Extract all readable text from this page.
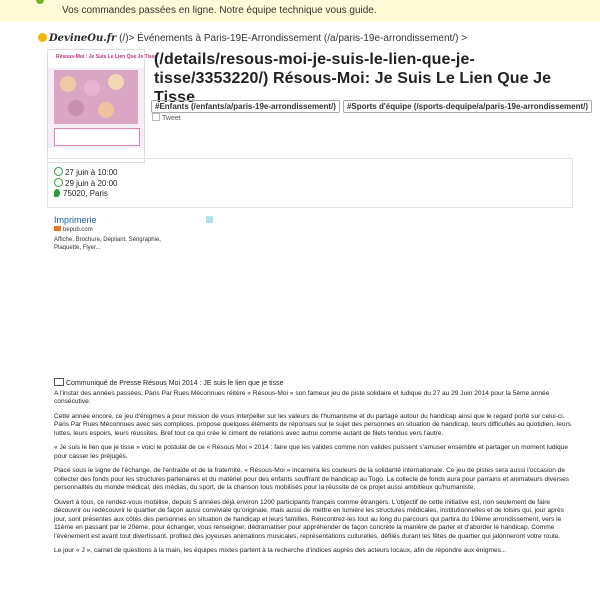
Vos commandes passées en ligne. Notre équipe technique vous guide.
DevineOu.fr (/)> Événements à Paris-19E-Arrondissement (/a/paris-19e-arrondissement/) >
Résous-Moi : Je Suis Le Lien Que Je Tisse
(/details/resous-moi-je-suis-le-lien-que-je-tisse/3353220/) Résous-Moi: Je Suis Le Lien Que Je Tisse
#Enfants (/enfants/a/paris-19e-arrondissement/) #Sports d'équipe (/sports-dequipe/a/paris-19e-arrondissement/)
Tweet
27 juin à 10:00
29 juin à 20:00
75020, Paris
Imprimerie
bepub.com
Affiche, Brochure, Dépliant, Sérigraphie, Plaquette, Flyer...
Communiqué de Presse Résous Moi 2014 : JE suis le lien que je tisse

A l'instar des années passées, Paris Par Rues Méconnues réitère « Résous-Moi » son fameux jeu de piste solidaire et ludique du 27 au 29 Juin 2014 pour la 5ème année consécutive.

Cette année encore, ce jeu d'énigmes a pour mission de vous interpeller sur les valeurs de l'humanisme et du partage autour du handicap ainsi que le regard porté sur celui-ci. Paris Par Rues Méconnues avec ses complices, propose quelques éléments de réponses sur le sujet des personnes en situation de handicap, leurs difficultés au quotidien, leurs luttes, leurs espoirs, leurs réussites. Bref tout ce qui crée le ciment de relations avec autrui comme autant de filets tendus vers l'autre.

« Je suis le lien que je tisse » voici le postulat de ce « Résous Moi » 2014 : faire que les valides comme non valides puissent s'amuser ensemble et partager un moment ludique pour casser les préjugés.

Placé sous le signe de l'échange, de l'entraide et de la fraternité, « Résous-Moi » incarnera les couleurs de la solidarité internationale. Ce jeu de pistes sera aussi l'occasion de collecter des fonds pour les structures partenaires et du matériel pour des enfants souffrant de handicap au Togo. La collecte de fonds aura pour parrains et animateurs diverses personnalités du monde médical, des médias, du sport, de la chanson tous mobilisés pour la réussite de ce projet aussi ambitieux qu'humaniste.

Ouvert à tous, ce rendez-vous mobilise, depuis 5 années déjà environ 1200 participants français comme étrangers. L'objectif de cette initiative est, non seulement de faire découvrir ou redécouvrir le quartier de façon aussi conviviale qu'originale, mais aussi de mettre en lumière les structures médicales, institutionnelles et de loisirs qui, jour après jour, sont présentes aux côtés des personnes en situation de handicap et leurs familles. Rencontrez-les tout au long du parcours qui partira du 19ème arrondissement, vers le 11ème en passant par le 20ème, pour échanger, vous renseigner, dédramatiser pour appréhender de façon concrète la manière de parler et d'aborder le handicap. Comme l'évènement est avant tout divertissant, profitez des joyeuses animations musicales, représentations culturelles, défilés durant les fêtes de quartier qui jalonneront votre route.

Le jour « J », carnet de questions à la main, les équipes mixtes partent à la recherche d'indices auprès des acteurs locaux, afin de répondre aux énigmes...
